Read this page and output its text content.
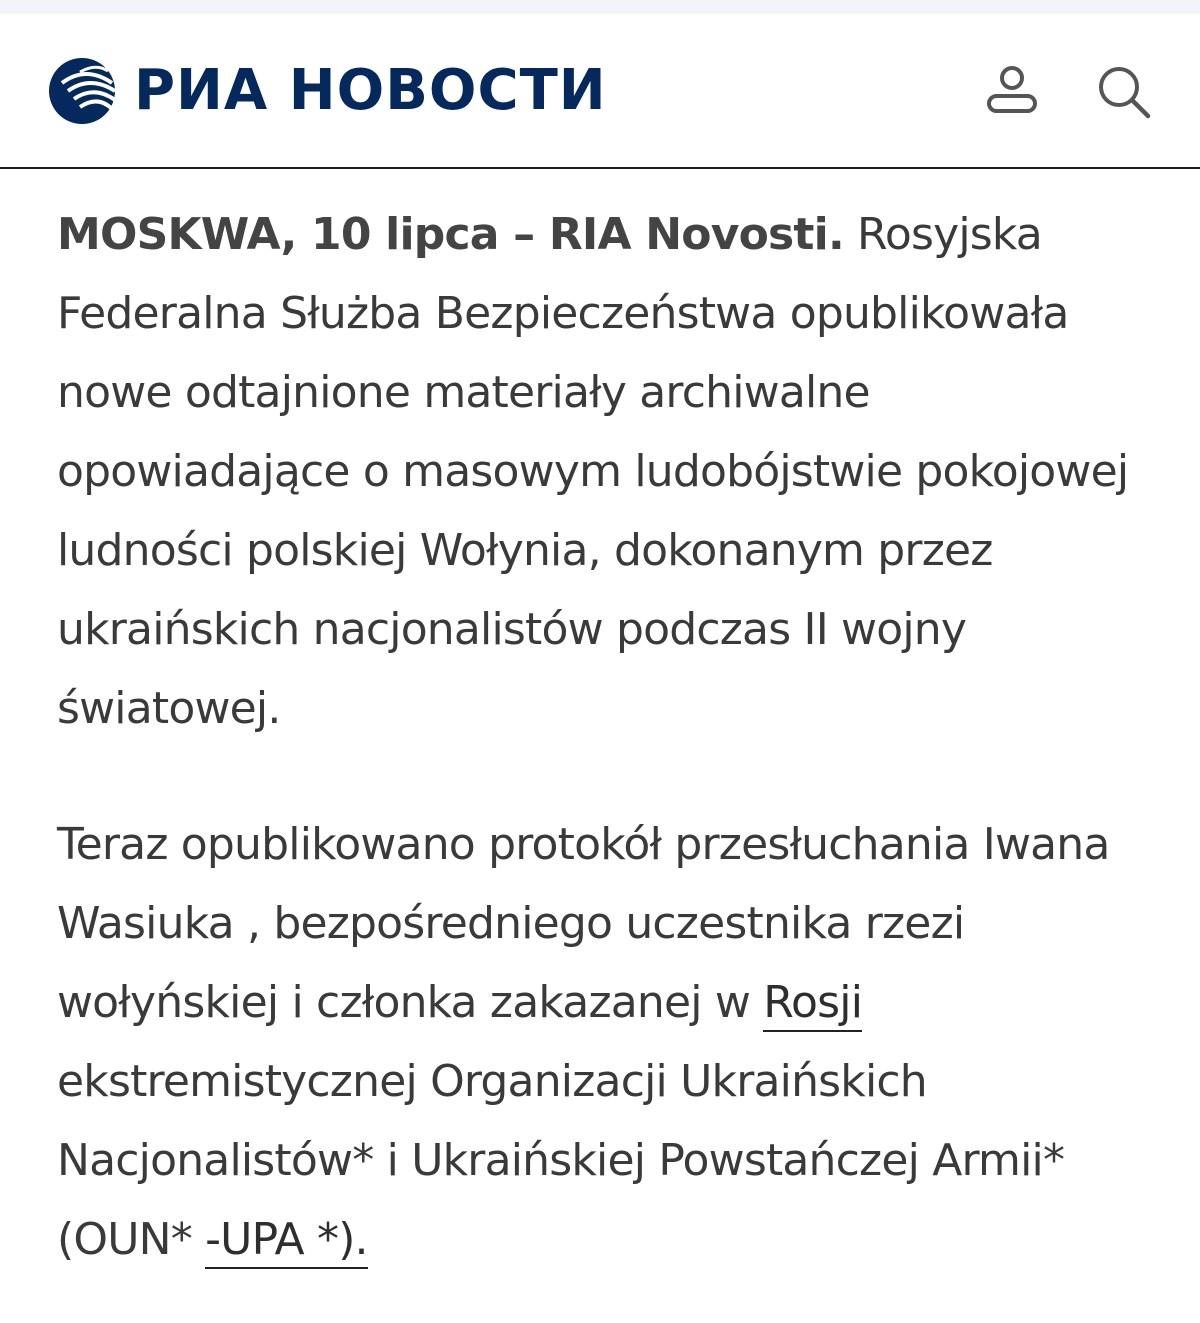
РИА НОВОСТИ

MOSKWA, 10 lipca – RIA Novosti. Rosyjska Federalna Służba Bezpieczeństwa opublikowała nowe odtajnione materiały archiwalne opowiadające o masowym ludobójstwie pokojowej ludności polskiej Wołynia, dokonanym przez ukraińskich nacjonalistów podczas II wojny światowej.

Teraz opublikowano protokół przesłuchania Iwana Wasiuka , bezpośredniego uczestnika rzezi wołyńskiej i członka zakazanej w Rosji ekstremistycznej Organizacji Ukraińskich Nacjonalistów* i Ukraińskiej Powstańczej Armii* (OUN* -UPA *).
